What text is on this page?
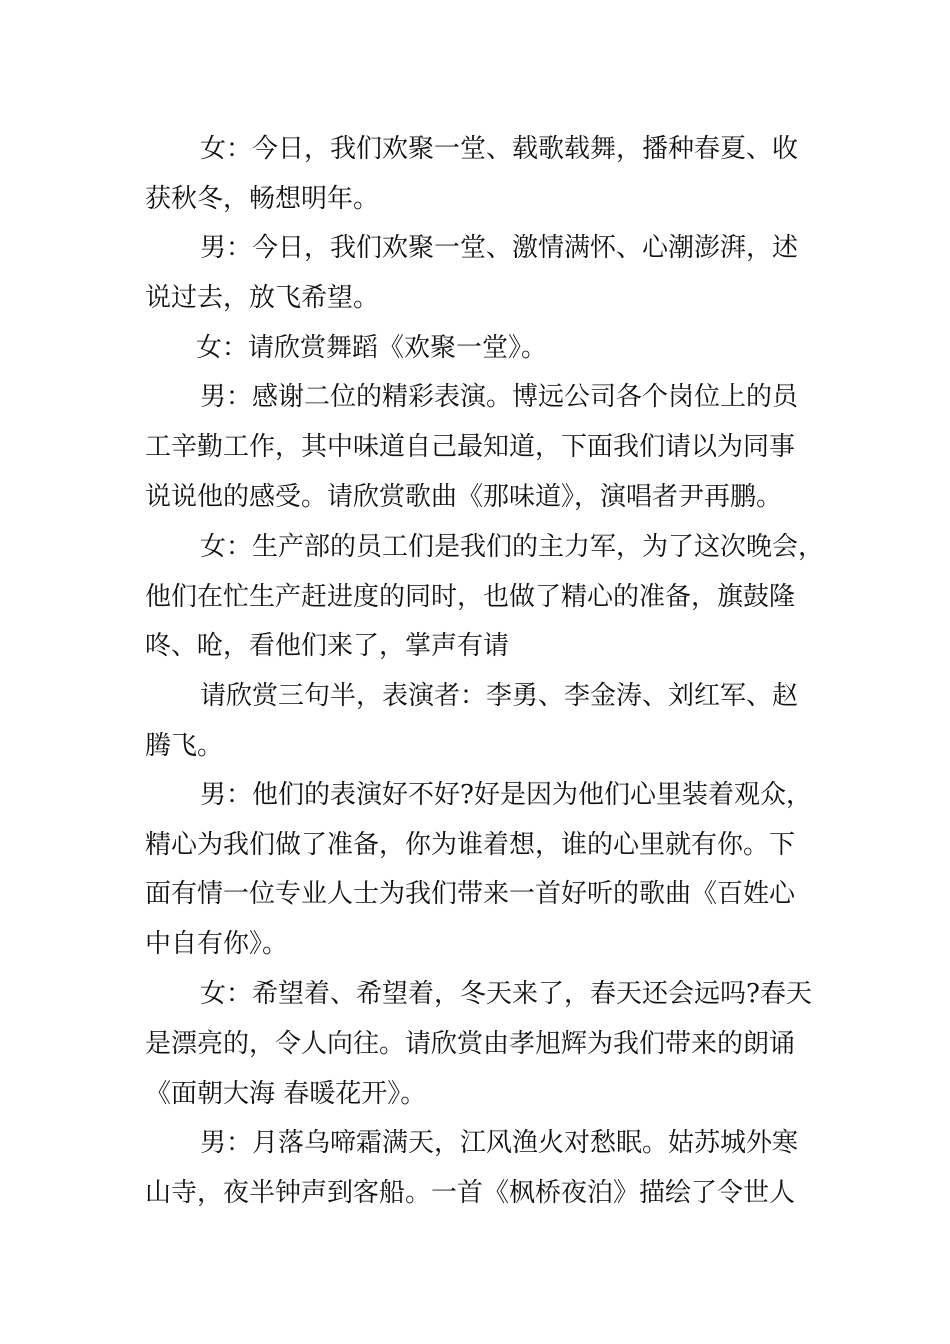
女：今日，我们欢聚一堂、载歌载舞，播种春夏、收
获秋冬，畅想明年。
男：今日，我们欢聚一堂、激情满怀、心潮澎湃，述
说过去，放飞希望。
女：请欣赏舞蹈《欢聚一堂》。
男：感谢二位的精彩表演。博远公司各个岗位上的员
工辛勤工作，其中味道自己最知道，下面我们请以为同事
说说他的感受。请欣赏歌曲《那味道》，演唱者尹再鹏。
女：生产部的员工们是我们的主力军，为了这次晚会，
他们在忙生产赶进度的同时，也做了精心的准备，旗鼓隆
咚、呛，看他们来了，掌声有请
请欣赏三句半，表演者：李勇、李金涛、刘红军、赵
腾飞。
男：他们的表演好不好?好是因为他们心里装着观众，
精心为我们做了准备，你为谁着想，谁的心里就有你。下
面有情一位专业人士为我们带来一首好听的歌曲《百姓心
中自有你》。
女：希望着、希望着，冬天来了，春天还会远吗?春天
是漂亮的，令人向往。请欣赏由孝旭辉为我们带来的朗诵
《面朝大海 春暖花开》。
男：月落乌啼霜满天，江风渔火对愁眠。姑苏城外寒
山寺，夜半钟声到客船。一首《枫桥夜泊》描绘了令世人
